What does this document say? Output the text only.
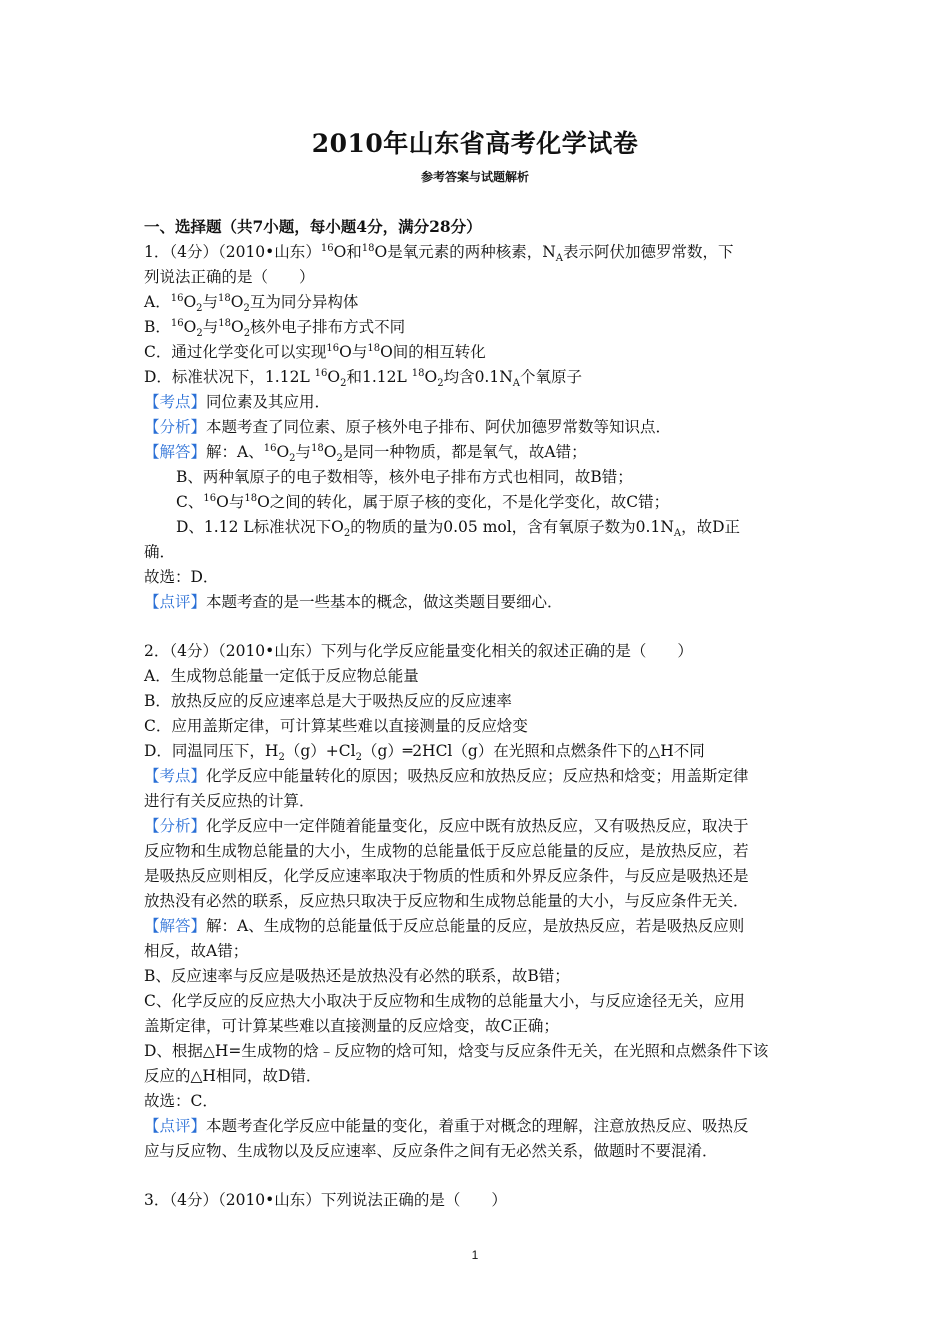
2010年山东省高考化学试卷
参考答案与试题解析
一、选择题（共7小题，每小题4分，满分28分）
1．（4分）（2010•山东）$^{16}$O和$^{18}$O是氧元素的两种核素，$N_A$表示阿伏加德罗常数，下
列说法正确的是（　　）
A．$^{16}O_2$与$^{18}O_2$互为同分异构体
B．$^{16}O_2$与$^{18}O_2$核外电子排布方式不同
C．通过化学变化可以实现$^{16}$O与$^{18}$O间的相互转化
D．标准状况下，1.12L $^{16}O_2$和1.12L $^{18}O_2$均含$0.1N_A$个氧原子
【考点】同位素及其应用．
【分析】本题考查了同位素、原子核外电子排布、阿伏加德罗常数等知识点．
【解答】解：A、$^{16}O_2$与$^{18}O_2$是同一种物质，都是氧气，故A错；
B、两种氧原子的电子数相等，核外电子排布方式也相同，故B错；
C、$^{16}$O与$^{18}$O之间的转化，属于原子核的变化，不是化学变化，故C错；
D、1.12 L标准状况下$O_2$的物质的量为0.05 mol，含有氧原子数为$0.1N_A$，故D正
确．
故选：D．
【点评】本题考查的是一些基本的概念，做这类题目要细心．
2．（4分）（2010•山东）下列与化学反应能量变化相关的叙述正确的是（　　）
A．生成物总能量一定低于反应物总能量
B．放热反应的反应速率总是大于吸热反应的反应速率
C．应用盖斯定律，可计算某些难以直接测量的反应焓变
D．同温同压下，$H_2(g)+Cl_2(g)═2HCl(g)$在光照和点燃条件下的△H不同
【考点】化学反应中能量转化的原因；吸热反应和放热反应；反应热和焓变；用盖斯定律
进行有关反应热的计算．
【分析】化学反应中一定伴随着能量变化，反应中既有放热反应，又有吸热反应，取决于
反应物和生成物总能量的大小，生成物的总能量低于反应总能量的反应，是放热反应，若
是吸热反应则相反，化学反应速率取决于物质的性质和外界反应条件，与反应是吸热还是
放热没有必然的联系，反应热只取决于反应物和生成物总能量的大小，与反应条件无关．
【解答】解：A、生成物的总能量低于反应总能量的反应，是放热反应，若是吸热反应则
相反，故A错；
B、反应速率与反应是吸热还是放热没有必然的联系，故B错；
C、化学反应的反应热大小取决于反应物和生成物的总能量大小，与反应途径无关，应用
盖斯定律，可计算某些难以直接测量的反应焓变，故C正确；
D、根据△H=生成物的焓﹣反应物的焓可知，焓变与反应条件无关，在光照和点燃条件下该
反应的△H相同，故D错．
故选：C．
【点评】本题考查化学反应中能量的变化，着重于对概念的理解，注意放热反应、吸热反
应与反应物、生成物以及反应速率、反应条件之间有无必然关系，做题时不要混淆．
3．（4分）（2010•山东）下列说法正确的是（　　）
1
